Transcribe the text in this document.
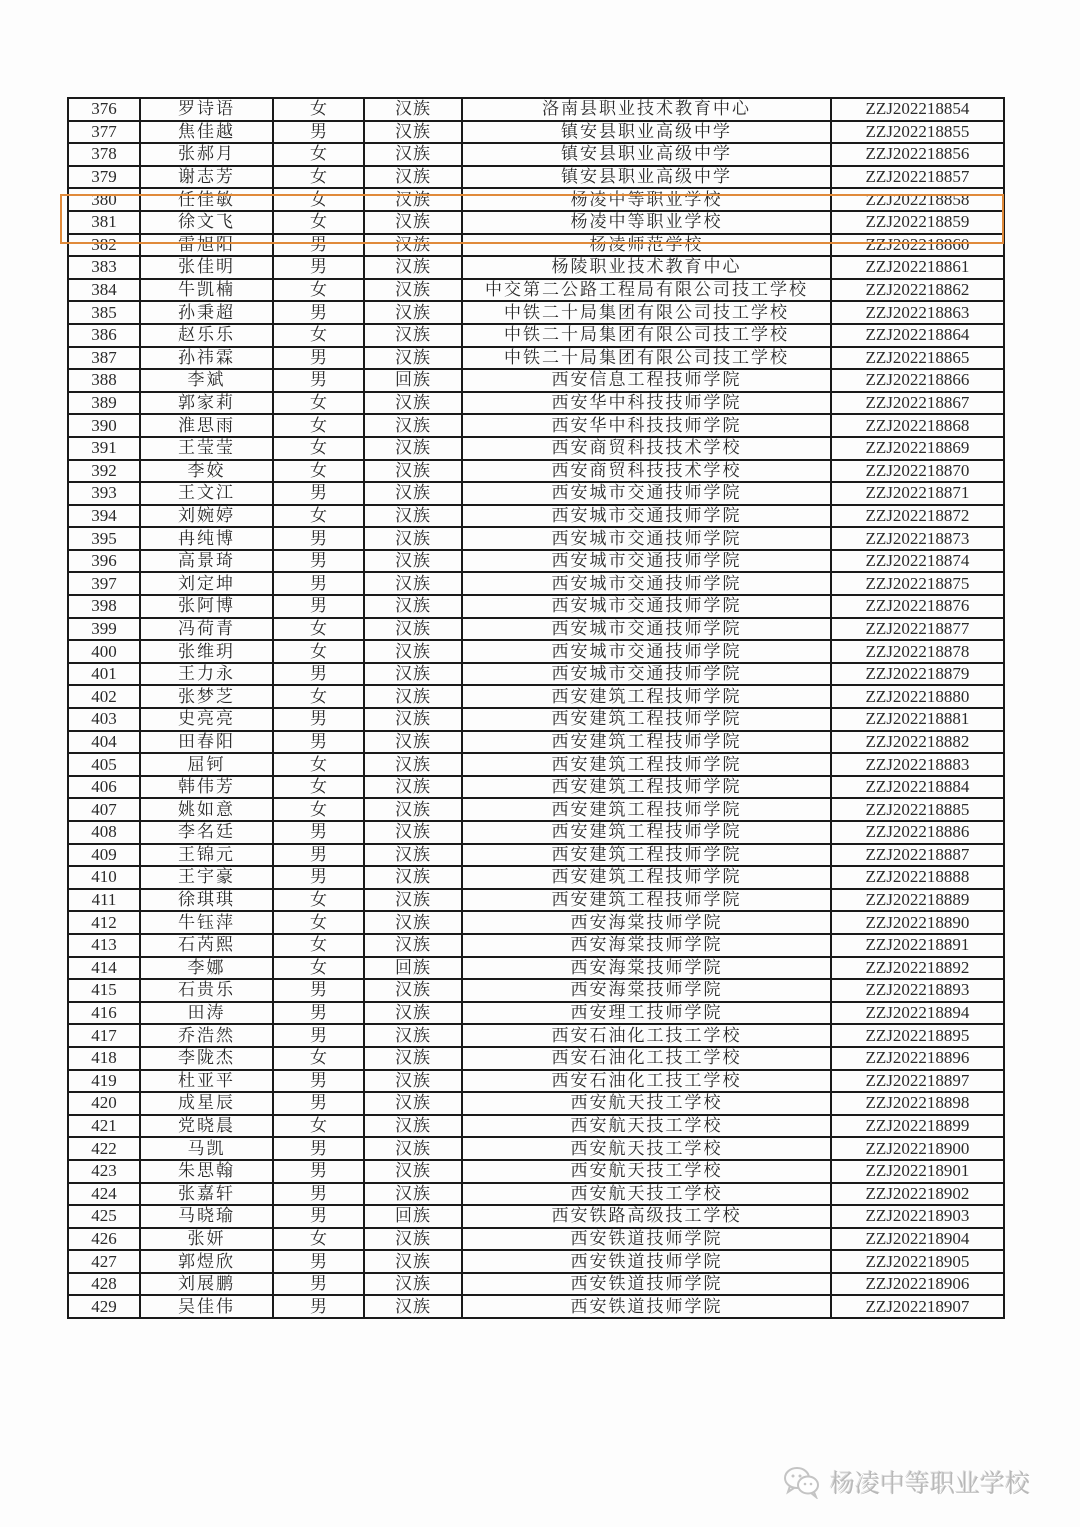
376	罗诗语	女	汉族	洛南县职业技术教育中心	ZZJ202218854
377	焦佳越	男	汉族	镇安县职业高级中学	ZZJ202218855
378	张郝月	女	汉族	镇安县职业高级中学	ZZJ202218856
379	谢志芳	女	汉族	镇安县职业高级中学	ZZJ202218857
380	任佳敏	女	汉族	杨凌中等职业学校	ZZJ202218858
381	徐文飞	女	汉族	杨凌中等职业学校	ZZJ202218859
382	雷旭阳	男	汉族	杨凌师范学校	ZZJ202218860
383	张佳明	男	汉族	杨陵职业技术教育中心	ZZJ202218861
384	牛凯楠	女	汉族	中交第二公路工程局有限公司技工学校	ZZJ202218862
385	孙秉超	男	汉族	中铁二十局集团有限公司技工学校	ZZJ202218863
386	赵乐乐	女	汉族	中铁二十局集团有限公司技工学校	ZZJ202218864
387	孙祎霖	男	汉族	中铁二十局集团有限公司技工学校	ZZJ202218865
388	李斌	男	回族	西安信息工程技师学院	ZZJ202218866
389	郭家莉	女	汉族	西安华中科技技师学院	ZZJ202218867
390	淮思雨	女	汉族	西安华中科技技师学院	ZZJ202218868
391	王莹莹	女	汉族	西安商贸科技技术学校	ZZJ202218869
392	李姣	女	汉族	西安商贸科技技术学校	ZZJ202218870
393	王文江	男	汉族	西安城市交通技师学院	ZZJ202218871
394	刘婉婷	女	汉族	西安城市交通技师学院	ZZJ202218872
395	冉纯博	男	汉族	西安城市交通技师学院	ZZJ202218873
396	高景琦	男	汉族	西安城市交通技师学院	ZZJ202218874
397	刘定坤	男	汉族	西安城市交通技师学院	ZZJ202218875
398	张阿博	男	汉族	西安城市交通技师学院	ZZJ202218876
399	冯荷青	女	汉族	西安城市交通技师学院	ZZJ202218877
400	张维玥	女	汉族	西安城市交通技师学院	ZZJ202218878
401	王力永	男	汉族	西安城市交通技师学院	ZZJ202218879
402	张梦芝	女	汉族	西安建筑工程技师学院	ZZJ202218880
403	史亮亮	男	汉族	西安建筑工程技师学院	ZZJ202218881
404	田春阳	男	汉族	西安建筑工程技师学院	ZZJ202218882
405	屈钶	女	汉族	西安建筑工程技师学院	ZZJ202218883
406	韩伟芳	女	汉族	西安建筑工程技师学院	ZZJ202218884
407	姚如意	女	汉族	西安建筑工程技师学院	ZZJ202218885
408	李名廷	男	汉族	西安建筑工程技师学院	ZZJ202218886
409	王锦元	男	汉族	西安建筑工程技师学院	ZZJ202218887
410	王宇豪	男	汉族	西安建筑工程技师学院	ZZJ202218888
411	徐琪琪	女	汉族	西安建筑工程技师学院	ZZJ202218889
412	牛钰萍	女	汉族	西安海棠技师学院	ZZJ202218890
413	石芮熙	女	汉族	西安海棠技师学院	ZZJ202218891
414	李娜	女	回族	西安海棠技师学院	ZZJ202218892
415	石贵乐	男	汉族	西安海棠技师学院	ZZJ202218893
416	田涛	男	汉族	西安理工技师学院	ZZJ202218894
417	乔浩然	男	汉族	西安石油化工技工学校	ZZJ202218895
418	李陇杰	女	汉族	西安石油化工技工学校	ZZJ202218896
419	杜亚平	男	汉族	西安石油化工技工学校	ZZJ202218897
420	成星辰	男	汉族	西安航天技工学校	ZZJ202218898
421	党晓晨	女	汉族	西安航天技工学校	ZZJ202218899
422	马凯	男	汉族	西安航天技工学校	ZZJ202218900
423	朱思翰	男	汉族	西安航天技工学校	ZZJ202218901
424	张嘉轩	男	汉族	西安航天技工学校	ZZJ202218902
425	马晓瑜	男	回族	西安铁路高级技工学校	ZZJ202218903
426	张妍	女	汉族	西安铁道技师学院	ZZJ202218904
427	郭煜欣	男	汉族	西安铁道技师学院	ZZJ202218905
428	刘展鹏	男	汉族	西安铁道技师学院	ZZJ202218906
429	吴佳伟	男	汉族	西安铁道技师学院	ZZJ202218907
杨凌中等职业学校
